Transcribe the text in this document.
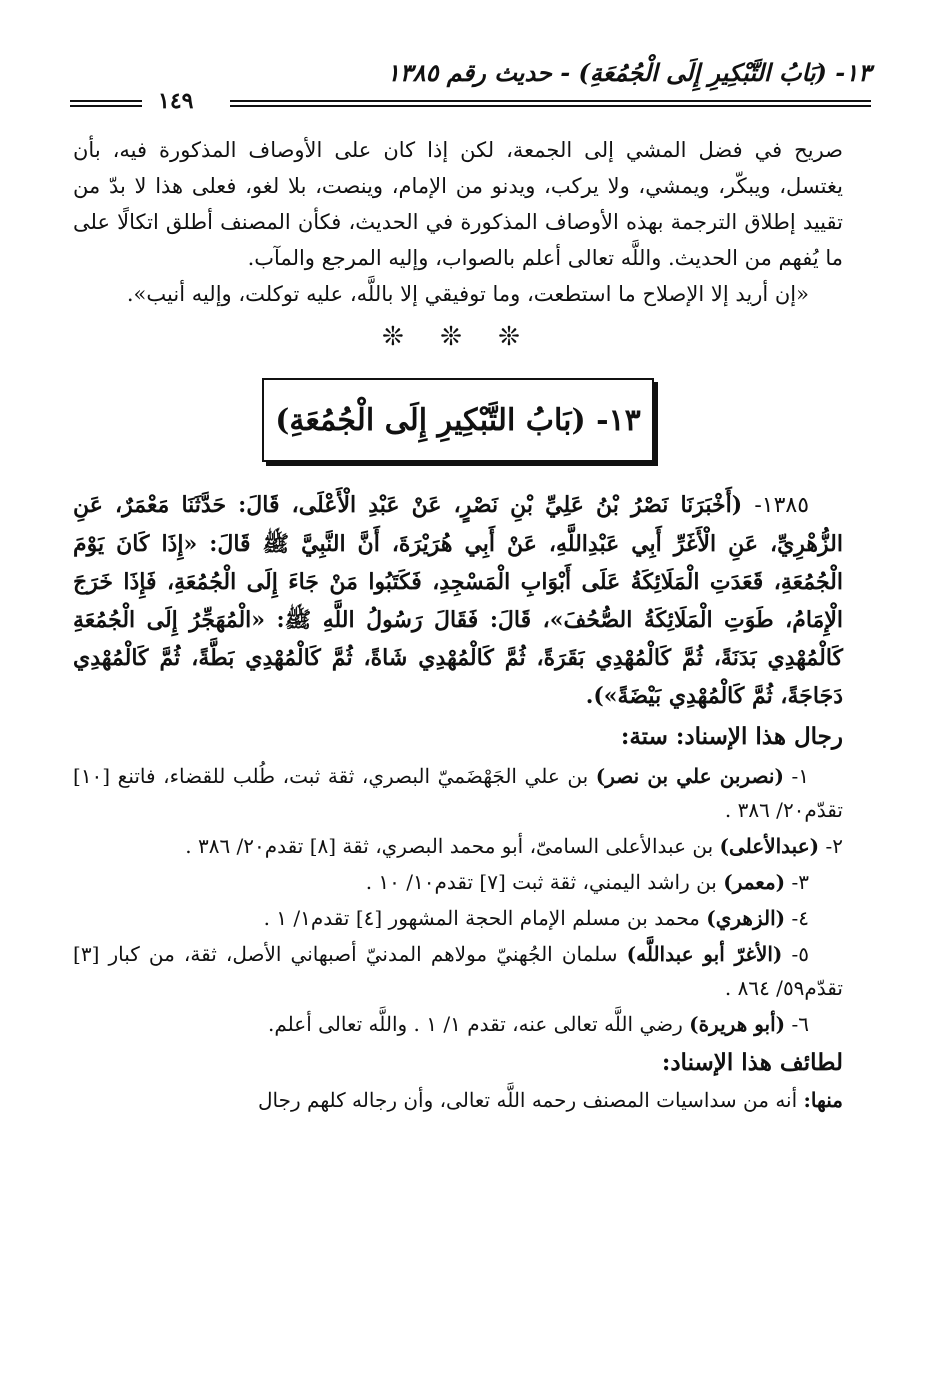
١٣- (بَابُ التَّبْكِيرِ إِلَى الْجُمُعَةِ) - حديث رقم ١٣٨٥
١٤٩

صريح في فضل المشي إلى الجمعة، لكن إذا كان على الأوصاف المذكورة فيه، بأن يغتسل، ويبكّر، ويمشي، ولا يركب، ويدنو من الإمام، وينصت، بلا لغو، فعلى هذا لا بدّ من تقييد إطلاق الترجمة بهذه الأوصاف المذكورة في الحديث، فكأن المصنف أطلق اتكالًا على ما يُفهم من الحديث. واللَّه تعالى أعلم بالصواب، وإليه المرجع والمآب.

«إن أريد إلا الإصلاح ما استطعت، وما توفيقي إلا باللَّه، عليه توكلت، وإليه أنيب».

❊ ❊ ❊
١٣- (بَابُ التَّبْكِيرِ إِلَى الْجُمُعَةِ)

١٣٨٥- (أَخْبَرَنَا نَصْرُ بْنُ عَلِيِّ بْنِ نَصْرٍ، عَنْ عَبْدِ الْأَعْلَى، قَالَ: حَدَّثَنَا مَعْمَرٌ، عَنِ الزُّهْرِيِّ، عَنِ الْأَغَرِّ أَبِي عَبْدِاللَّهِ، عَنْ أَبِي هُرَيْرَةَ، أَنَّ النَّبِيَّ ﷺ قَالَ: «إِذَا كَانَ يَوْمَ الْجُمُعَةِ، قَعَدَتِ الْمَلَائِكَةُ عَلَى أَبْوَابِ الْمَسْجِدِ، فَكَتَبُوا مَنْ جَاءَ إِلَى الْجُمُعَةِ، فَإِذَا خَرَجَ الْإِمَامُ، طَوَتِ الْمَلَائِكَةُ الصُّحُفَ»، قَالَ: فَقَالَ رَسُولُ اللَّهِ ﷺ: «الْمُهَجِّرُ إِلَى الْجُمُعَةِ كَالْمُهْدِي بَدَنَةً، ثُمَّ كَالْمُهْدِي بَقَرَةً، ثُمَّ كَالْمُهْدِي شَاةً، ثُمَّ كَالْمُهْدِي بَطَّةً، ثُمَّ كَالْمُهْدِي دَجَاجَةً، ثُمَّ كَالْمُهْدِي بَيْضَةً»).

رجال هذا الإسناد: ستة:

١- (نصربن علي بن نصر) بن علي الجَهْضَميّ البصري، ثقة ثبت، طُلب للقضاء، فاتنع [١٠] تقدّم٢٠/ ٣٨٦ .

٢- (عبدالأعلى) بن عبدالأعلى السامىّ، أبو محمد البصري، ثقة [٨] تقدم٢٠/ ٣٨٦ .

٣- (معمر) بن راشد اليمني، ثقة ثبت [٧] تقدم١٠/ ١٠ .

٤- (الزهري) محمد بن مسلم الإمام الحجة المشهور [٤] تقدم١/ ١ .

٥- (الأغرّ أبو عبداللَّه) سلمان الجُهنيّ مولاهم المدنيّ أصبهاني الأصل، ثقة، من كبار [٣] تقدّم٥٩/ ٨٦٤ .

٦- (أبو هريرة) رضي اللَّه تعالى عنه، تقدم ١/ ١ . واللَّه تعالى أعلم.

لطائف هذا الإسناد:

منها: أنه من سداسيات المصنف رحمه اللَّه تعالى، وأن رجاله كلهم رجال
